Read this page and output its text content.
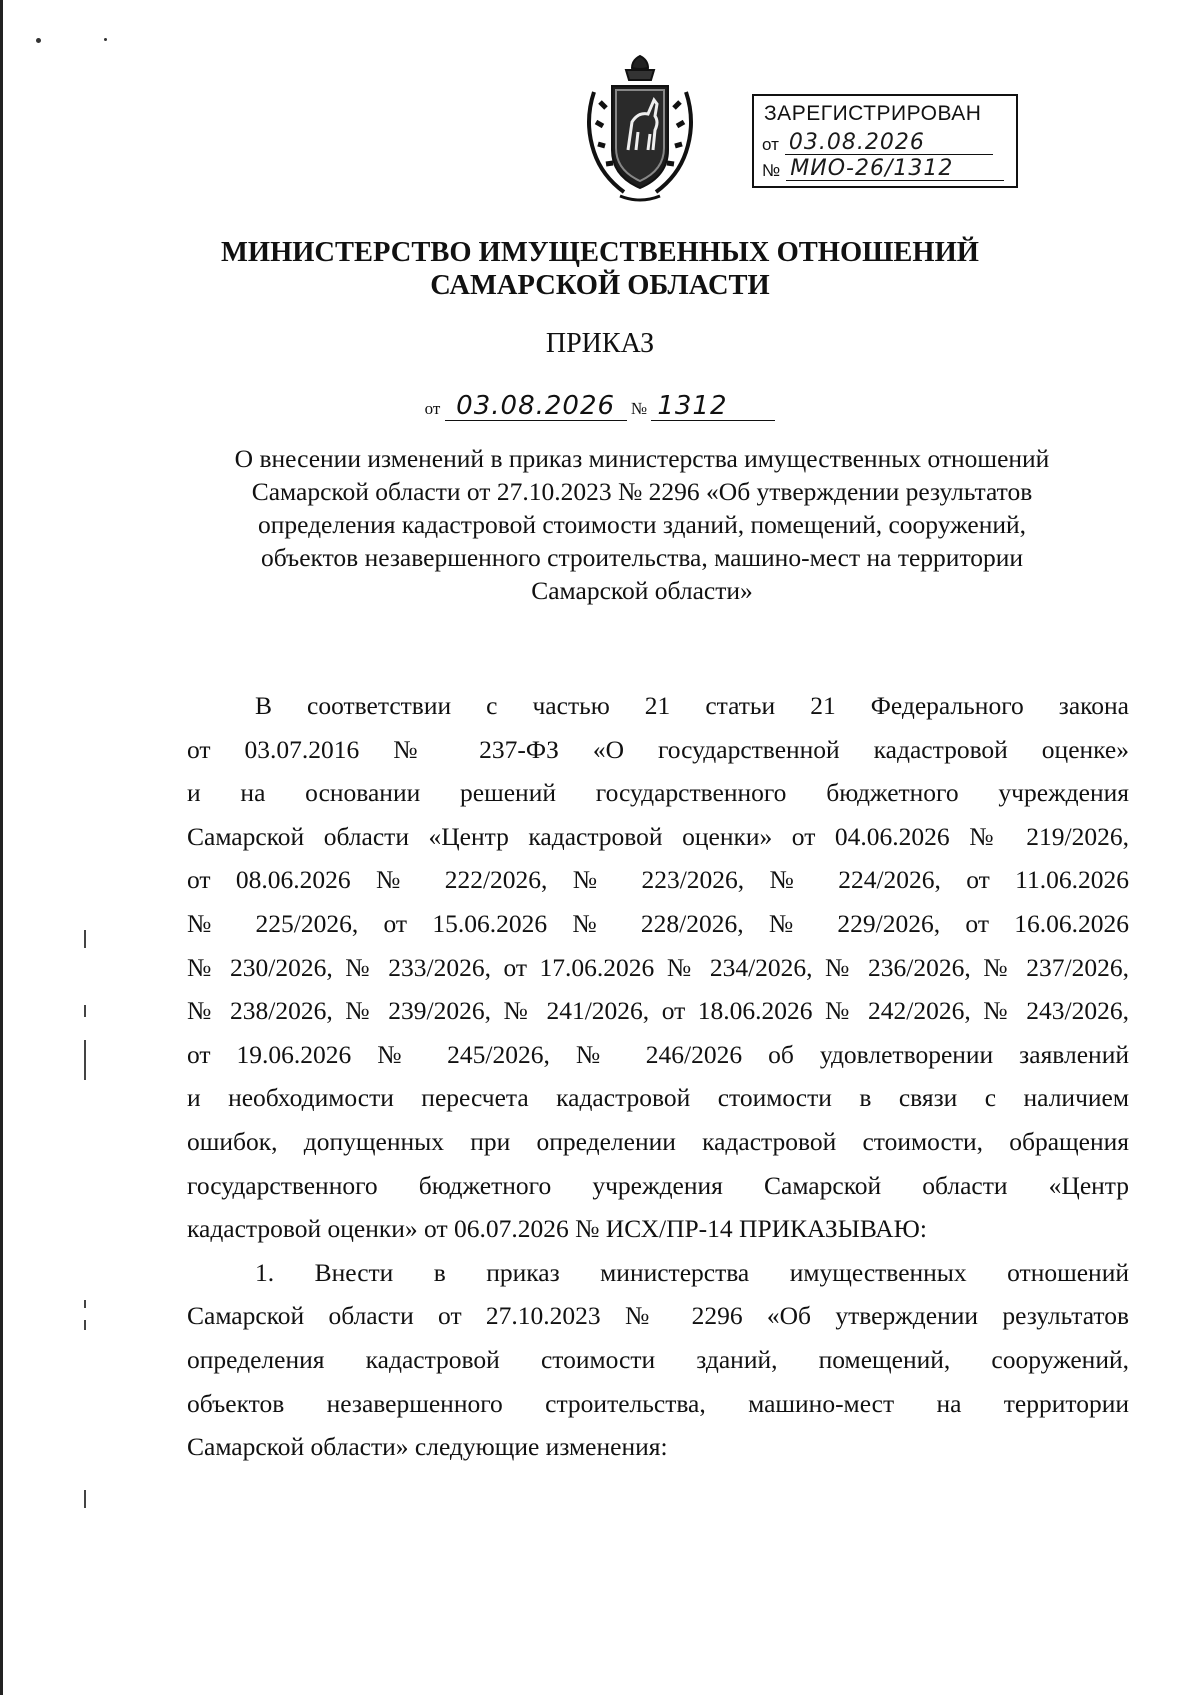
ЗАРЕГИСТРИРОВАН
от 03.08.2026
№ МИО-26/1312
МИНИСТЕРСТВО ИМУЩЕСТВЕННЫХ ОТНОШЕНИЙ
САМАРСКОЙ ОБЛАСТИ
ПРИКАЗ
от 03.08.2026 № 1312
О внесении изменений в приказ министерства имущественных отношений
Самарской области от 27.10.2023 № 2296 «Об утверждении результатов
определения кадастровой стоимости зданий, помещений, сооружений,
объектов незавершенного строительства, машино-мест на территории
Самарской области»
В соответствии с частью 21 статьи 21 Федерального закона
от 03.07.2016 № 237-ФЗ «О государственной кадастровой оценке»
и на основании решений государственного бюджетного учреждения
Самарской области «Центр кадастровой оценки» от 04.06.2026 № 219/2026,
от 08.06.2026 № 222/2026, № 223/2026, № 224/2026, от 11.06.2026
№ 225/2026, от 15.06.2026 № 228/2026, № 229/2026, от 16.06.2026
№ 230/2026, № 233/2026, от 17.06.2026 № 234/2026, № 236/2026, № 237/2026,
№ 238/2026, № 239/2026, № 241/2026, от 18.06.2026 № 242/2026, № 243/2026,
от 19.06.2026 № 245/2026, № 246/2026 об удовлетворении заявлений
и необходимости пересчета кадастровой стоимости в связи с наличием
ошибок, допущенных при определении кадастровой стоимости, обращения
государственного бюджетного учреждения Самарской области «Центр
кадастровой оценки» от 06.07.2026 № ИСХ/ПР-14 ПРИКАЗЫВАЮ:
1. Внести в приказ министерства имущественных отношений
Самарской области от 27.10.2023 № 2296 «Об утверждении результатов
определения кадастровой стоимости зданий, помещений, сооружений,
объектов незавершенного строительства, машино-мест на территории
Самарской области» следующие изменения:
